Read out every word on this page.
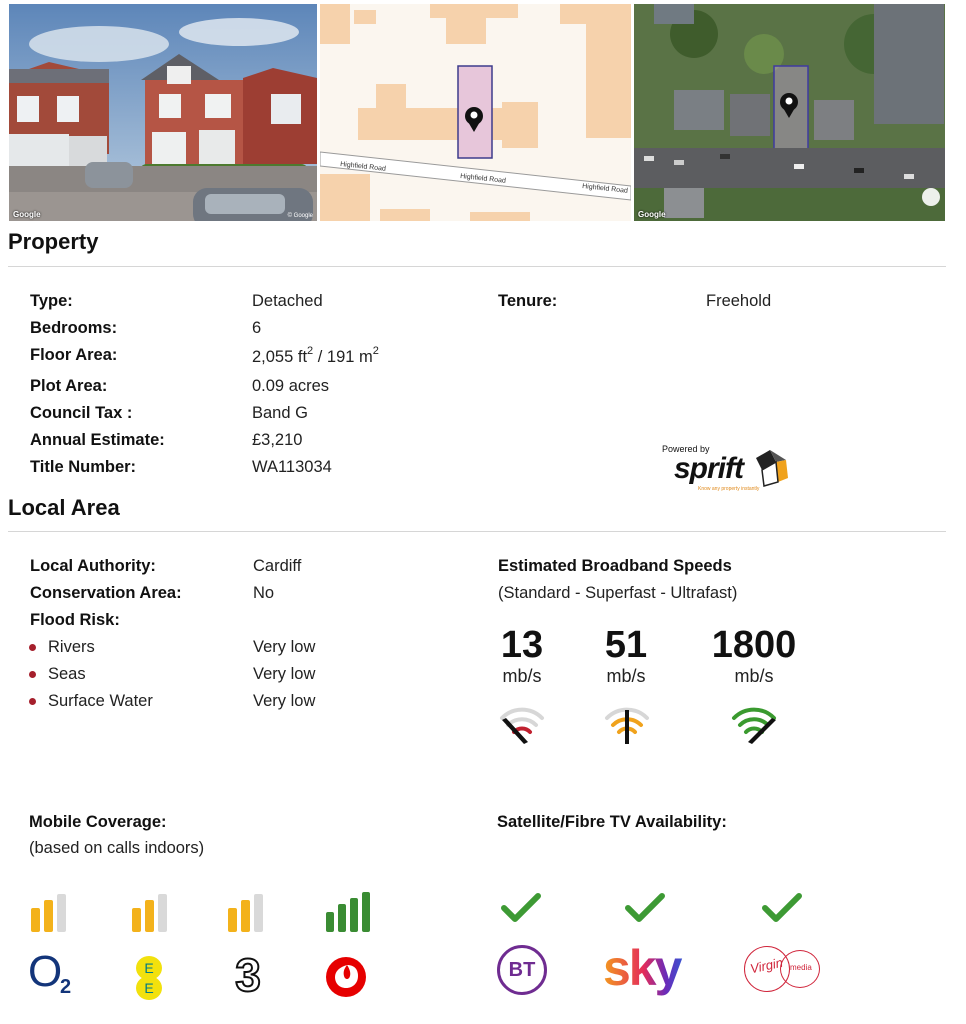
Google	© Google
Highfield Road
Highfield Road
Highfield Road
Google
Property
Type:	Detached
Bedrooms:	6
Floor Area:	2,055 $ft^2 / 191$ $m^2$
Plot Area:	0.09 acres
Council Tax :	Band G
Annual Estimate:	£3,210
Title Number:	WA113034
Tenure:	Freehold
Powered by
sprift
Know any property instantly
Local Area
Local Authority:	Cardiff
Conservation Area:	No
Flood Risk:
Rivers	Very low
Seas	Very low
Surface Water	Very low
Estimated Broadband Speeds
(Standard - Superfast - Ultrafast)
13
mb/s
51
mb/s
1800
mb/s
Mobile Coverage:
(based on calls indoors)
O
2
E
E 3
Satellite/Fibre TV Availability:
BT sky	Virgin media
